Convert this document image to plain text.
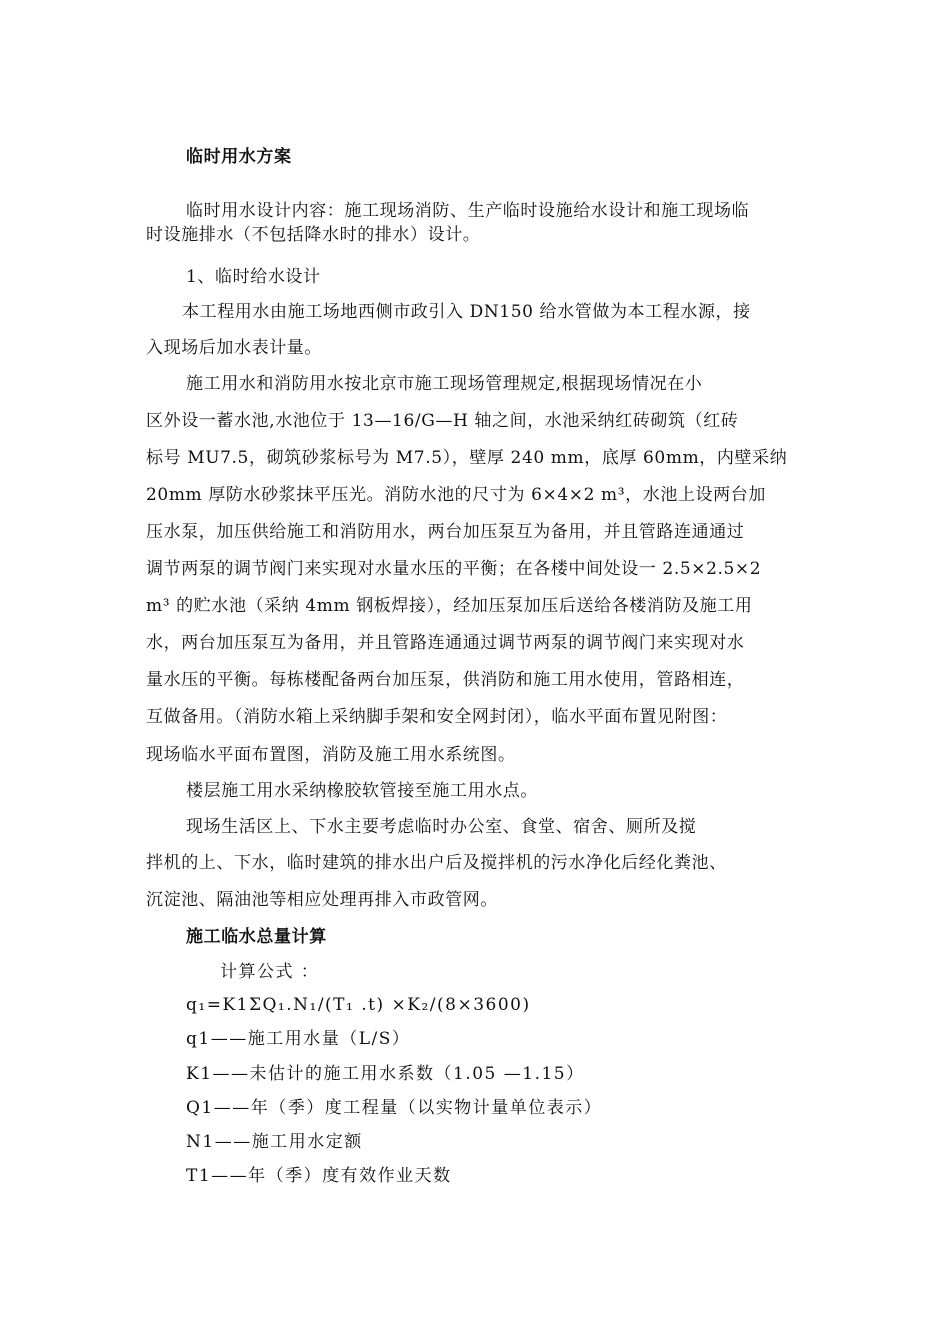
临时用水方案
临时用水设计内容：施工现场消防、生产临时设施给水设计和施工现场临
时设施排水（不包括降水时的排水）设计。
1、临时给水设计
本工程用水由施工场地西侧市政引入 DN150 给水管做为本工程水源，接
入现场后加水表计量。
施工用水和消防用水按北京市施工现场管理规定,根据现场情况在小
区外设一蓄水池,水池位于 13—16/G—H 轴之间，水池采纳红砖砌筑（红砖
标号 MU7.5，砌筑砂浆标号为 M7.5），壁厚 240 mm，底厚 60mm，内壁采纳
20mm 厚防水砂浆抹平压光。消防水池的尺寸为 6×4×2 m³，水池上设两台加
压水泵，加压供给施工和消防用水，两台加压泵互为备用，并且管路连通通过
调节两泵的调节阀门来实现对水量水压的平衡；在各楼中间处设一 2.5×2.5×2
m³ 的贮水池（采纳 4mm 钢板焊接），经加压泵加压后送给各楼消防及施工用
水，两台加压泵互为备用，并且管路连通通过调节两泵的调节阀门来实现对水
量水压的平衡。每栋楼配备两台加压泵，供消防和施工用水使用，管路相连，
互做备用。（消防水箱上采纳脚手架和安全网封闭），临水平面布置见附图：
现场临水平面布置图，消防及施工用水系统图。
楼层施工用水采纳橡胶软管接至施工用水点。
现场生活区上、下水主要考虑临时办公室、食堂、宿舍、厕所及搅
拌机的上、下水，临时建筑的排水出户后及搅拌机的污水净化后经化粪池、
沉淀池、隔油池等相应处理再排入市政管网。
施工临水总量计算
计算公式 ：
q₁=K1ΣQ₁.N₁/(T₁ .t) ×K₂/(8×3600)
q1——施工用水量（L/S）
K1——未估计的施工用水系数（1.05 —1.15）
Q1——年（季）度工程量（以实物计量单位表示）
N1——施工用水定额
T1——年（季）度有效作业天数
